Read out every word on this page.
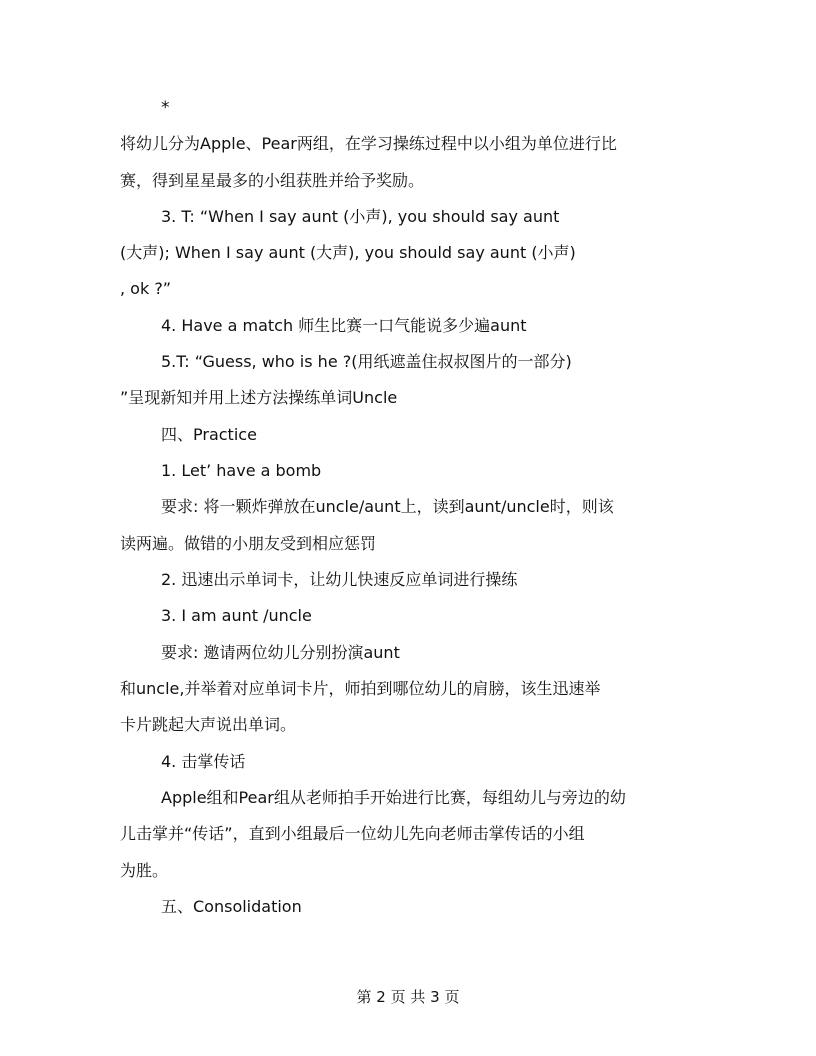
*
将幼儿分为Apple、Pear两组，在学习操练过程中以小组为单位进行比
赛，得到星星最多的小组获胜并给予奖励。
3. T: “When I say aunt (小声), you should say aunt
(大声); When I say aunt (大声), you should say aunt (小声)
, ok ?”
4. Have a match 师生比赛一口气能说多少遍aunt
5.T: “Guess, who is he ?(用纸遮盖住叔叔图片的一部分)
”呈现新知并用上述方法操练单词Uncle
四、Practice
1. Let’ have a bomb
要求: 将一颗炸弹放在uncle/aunt上，读到aunt/uncle时，则该
读两遍。做错的小朋友受到相应惩罚
2. 迅速出示单词卡，让幼儿快速反应单词进行操练
3. I am aunt /uncle
要求: 邀请两位幼儿分别扮演aunt
和uncle,并举着对应单词卡片，师拍到哪位幼儿的肩膀，该生迅速举
卡片跳起大声说出单词。
4. 击掌传话
Apple组和Pear组从老师拍手开始进行比赛，每组幼儿与旁边的幼
儿击掌并“传话”，直到小组最后一位幼儿先向老师击掌传话的小组
为胜。
五、Consolidation
第 2 页 共 3 页
